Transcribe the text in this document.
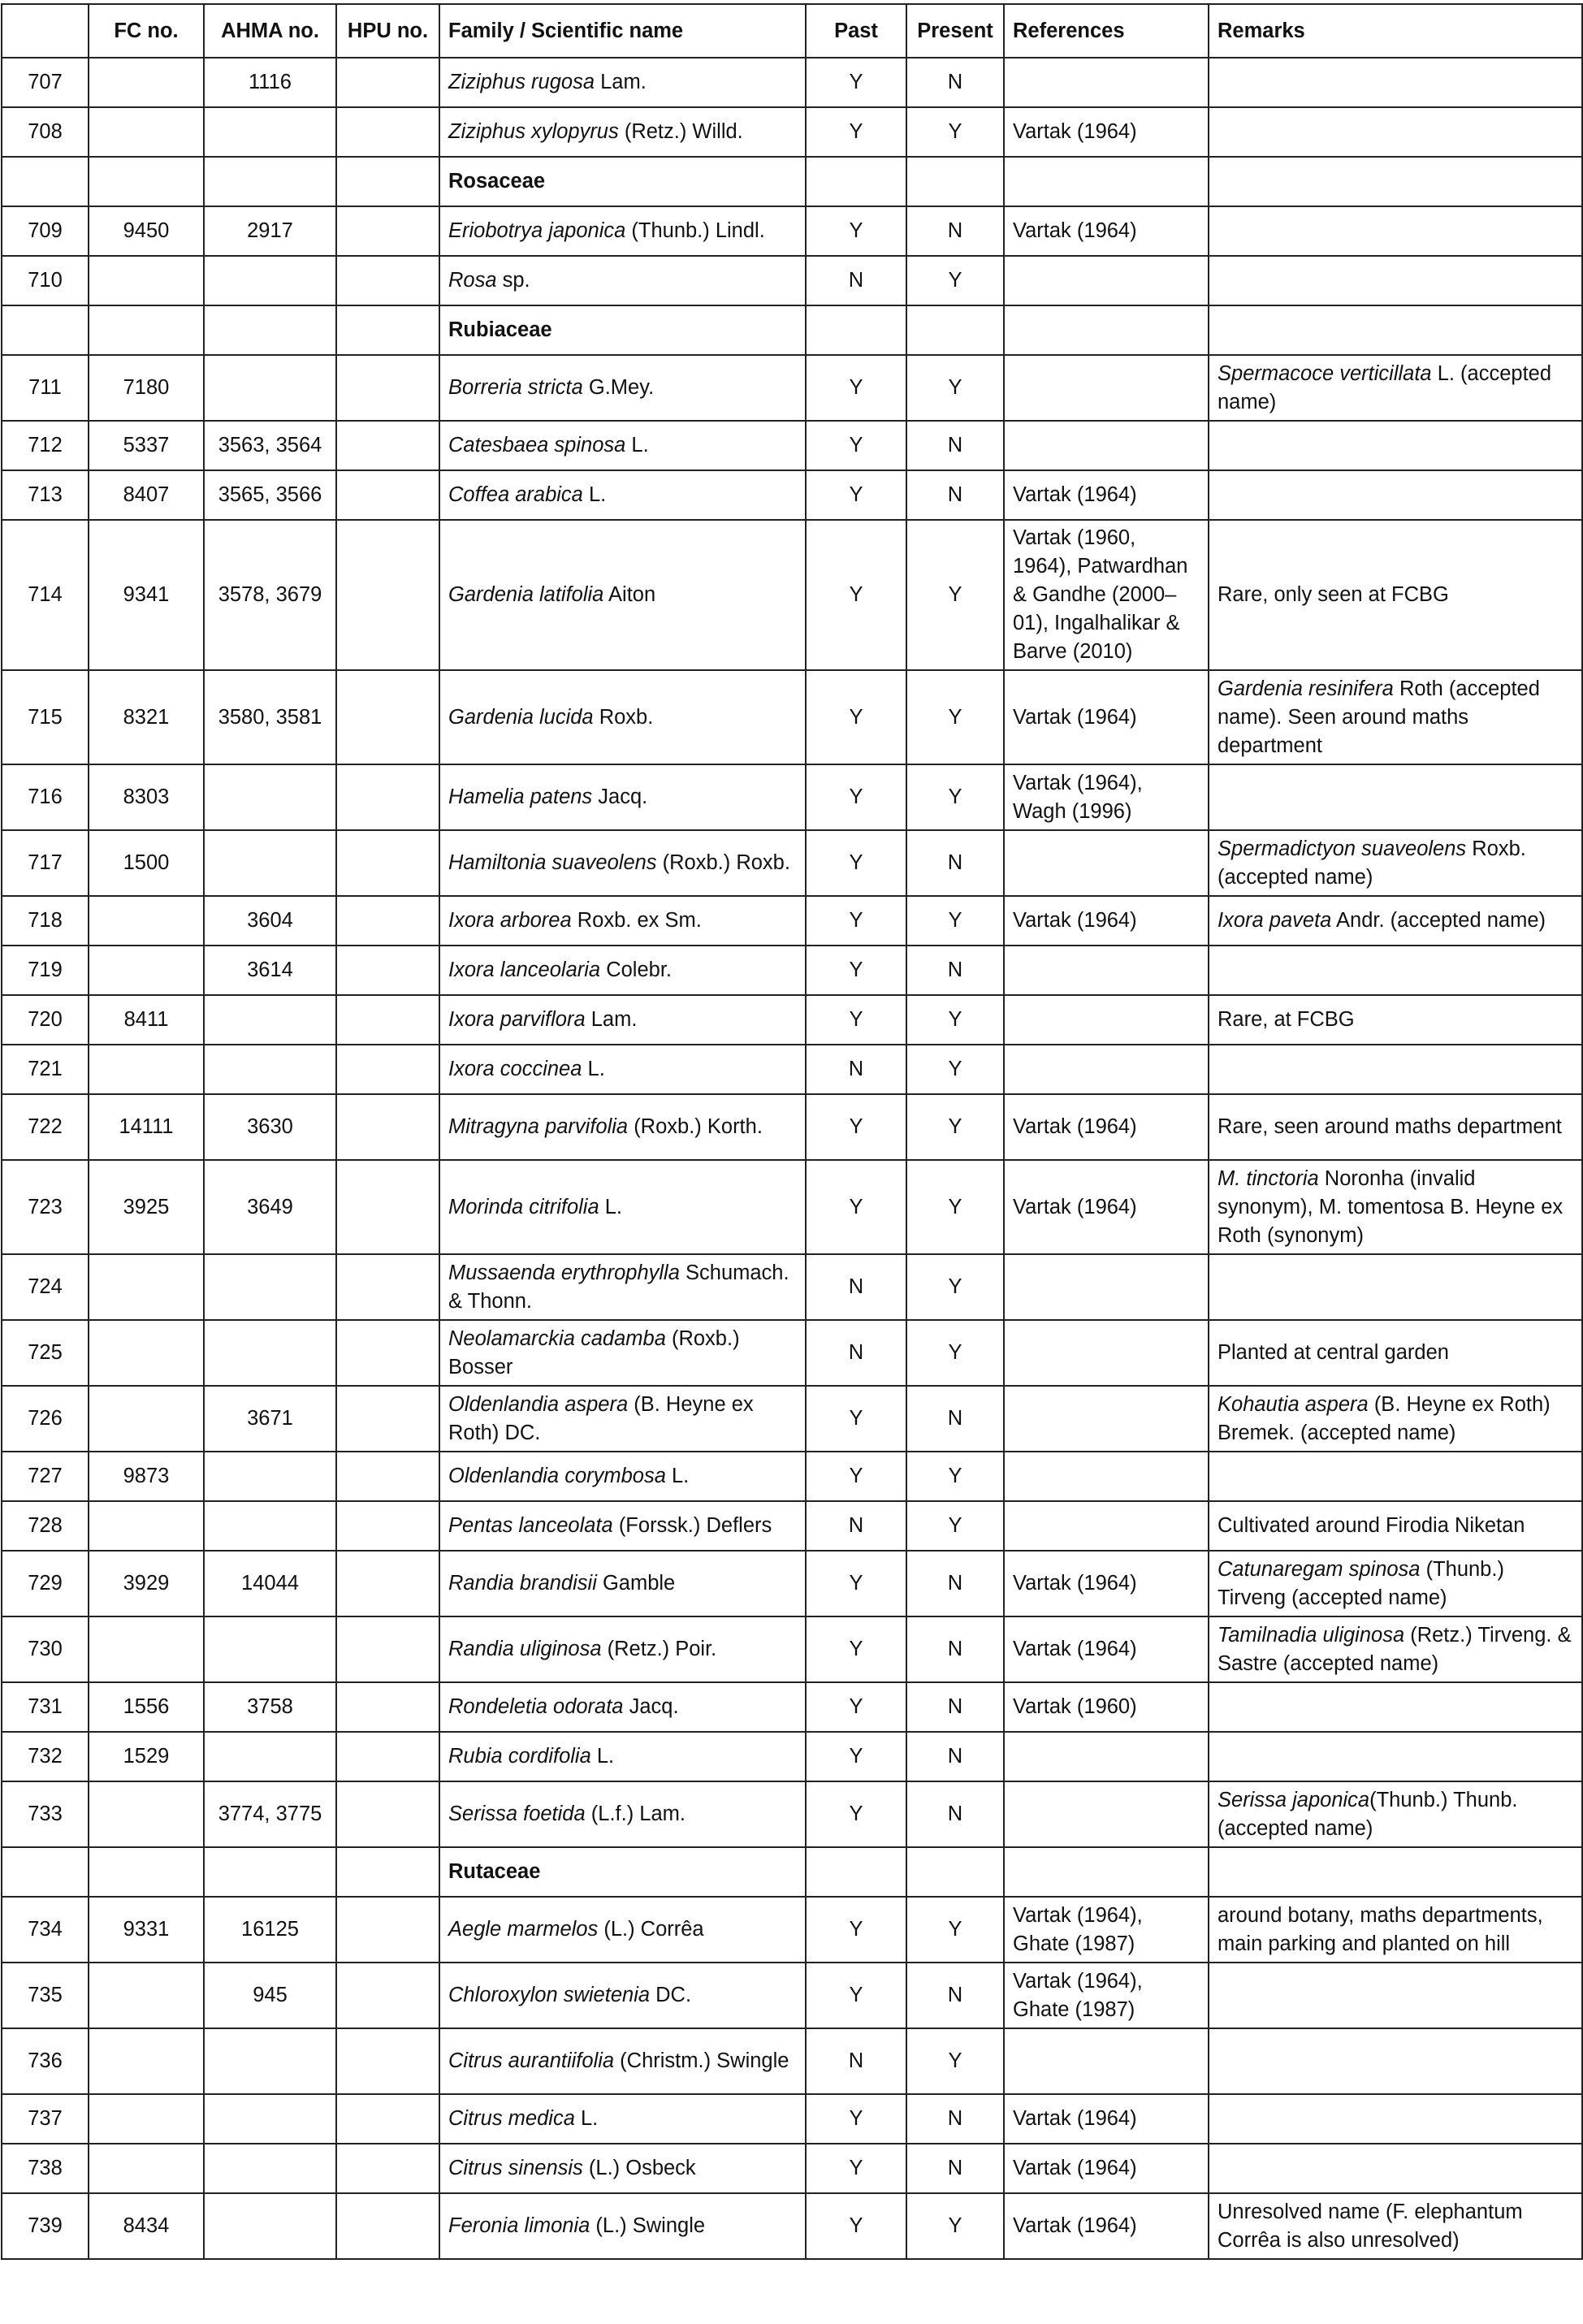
	FC no.	AHMA no.	HPU no.	Family / Scientific name	Past	Present	References	Remarks
707		1116		Ziziphus rugosa Lam.	Y	N		
708				Ziziphus xylopyrus (Retz.) Willd.	Y	Y	Vartak (1964)	
				Rosaceae				
709	9450	2917		Eriobotrya japonica (Thunb.) Lindl.	Y	N	Vartak (1964)	
710				Rosa sp.	N	Y		
				Rubiaceae				
711	7180			Borreria stricta G.Mey.	Y	Y		Spermacoce verticillata L. (accepted name)
712	5337	3563, 3564		Catesbaea spinosa L.	Y	N		
713	8407	3565, 3566		Coffea arabica L.	Y	N	Vartak (1964)	
714	9341	3578, 3679		Gardenia latifolia Aiton	Y	Y	Vartak (1960, 1964), Patwardhan & Gandhe (2000–01), Ingalhalikar & Barve (2010)	Rare, only seen at FCBG
715	8321	3580, 3581		Gardenia lucida Roxb.	Y	Y	Vartak (1964)	Gardenia resinifera Roth (accepted name). Seen around maths department
716	8303			Hamelia patens Jacq.	Y	Y	Vartak (1964), Wagh (1996)	
717	1500			Hamiltonia suaveolens (Roxb.) Roxb.	Y	N		Spermadictyon suaveolens Roxb. (accepted name)
718		3604		Ixora arborea Roxb. ex Sm.	Y	Y	Vartak (1964)	Ixora paveta Andr. (accepted name)
719		3614		Ixora lanceolaria Colebr.	Y	N		
720	8411			Ixora parviflora Lam.	Y	Y		Rare, at FCBG
721				Ixora coccinea L.	N	Y		
722	14111	3630		Mitragyna parvifolia (Roxb.) Korth.	Y	Y	Vartak (1964)	Rare, seen around maths department
723	3925	3649		Morinda citrifolia L.	Y	Y	Vartak (1964)	M. tinctoria Noronha (invalid synonym), M. tomentosa B. Heyne ex Roth (synonym)
724				Mussaenda erythrophylla Schumach. & Thonn.	N	Y		
725				Neolamarckia cadamba (Roxb.) Bosser	N	Y		Planted at central garden
726		3671		Oldenlandia aspera (B. Heyne ex Roth) DC.	Y	N		Kohautia aspera (B. Heyne ex Roth) Bremek. (accepted name)
727	9873			Oldenlandia corymbosa L.	Y	Y		
728				Pentas lanceolata (Forssk.) Deflers	N	Y		Cultivated around Firodia Niketan
729	3929	14044		Randia brandisii Gamble	Y	N	Vartak (1964)	Catunaregam spinosa (Thunb.) Tirveng (accepted name)
730				Randia uliginosa (Retz.) Poir.	Y	N	Vartak (1964)	Tamilnadia uliginosa (Retz.) Tirveng. & Sastre (accepted name)
731	1556	3758		Rondeletia odorata Jacq.	Y	N	Vartak (1960)	
732	1529			Rubia cordifolia L.	Y	N		
733		3774, 3775		Serissa foetida (L.f.) Lam.	Y	N		Serissa japonica(Thunb.) Thunb. (accepted name)
				Rutaceae				
734	9331	16125		Aegle marmelos (L.) Corrêa	Y	Y	Vartak (1964), Ghate (1987)	around botany, maths departments, main parking and planted on hill
735		945		Chloroxylon swietenia DC.	Y	N	Vartak (1964), Ghate (1987)	
736				Citrus aurantiifolia (Christm.) Swingle	N	Y		
737				Citrus medica L.	Y	N	Vartak (1964)	
738				Citrus sinensis (L.) Osbeck	Y	N	Vartak (1964)	
739	8434			Feronia limonia (L.) Swingle	Y	Y	Vartak (1964)	Unresolved name (F. elephantum Corrêa is also unresolved)
